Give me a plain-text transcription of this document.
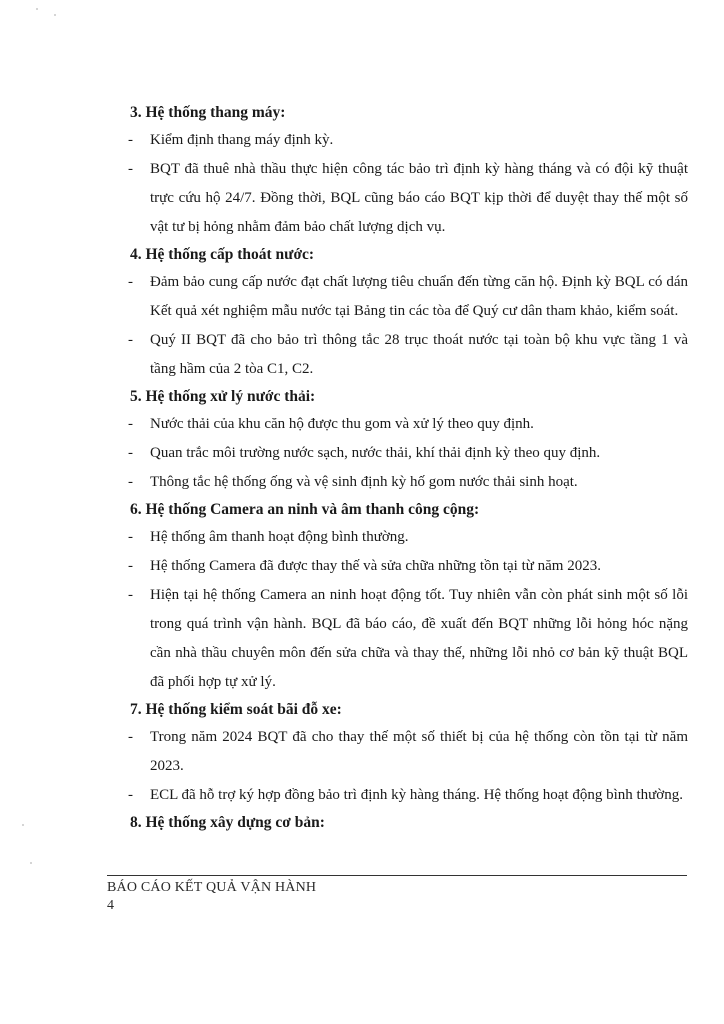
3. Hệ thống thang máy:

- Kiểm định thang máy định kỳ.

- BQT đã thuê nhà thầu thực hiện công tác bảo trì định kỳ hàng tháng và có đội kỹ thuật trực cứu hộ 24/7. Đồng thời, BQL cũng báo cáo BQT kịp thời để duyệt thay thế một số vật tư bị hỏng nhằm đảm bảo chất lượng dịch vụ.

4. Hệ thống cấp thoát nước:

- Đảm bảo cung cấp nước đạt chất lượng tiêu chuẩn đến từng căn hộ. Định kỳ BQL có dán Kết quả xét nghiệm mẫu nước tại Bảng tin các tòa để Quý cư dân tham khảo, kiểm soát.

- Quý II BQT đã cho bảo trì thông tắc 28 trục thoát nước tại toàn bộ khu vực tầng 1 và tầng hầm của 2 tòa C1, C2.

5. Hệ thống xử lý nước thải:

- Nước thải của khu căn hộ được thu gom và xử lý theo quy định.

- Quan trắc môi trường nước sạch, nước thải, khí thải định kỳ theo quy định.

- Thông tắc hệ thống ống và vệ sinh định kỳ hố gom nước thải sinh hoạt.

6. Hệ thống Camera an ninh và âm thanh công cộng:

- Hệ thống âm thanh hoạt động bình thường.

- Hệ thống Camera đã được thay thế và sửa chữa những tồn tại từ năm 2023.

- Hiện tại hệ thống Camera an ninh hoạt động tốt. Tuy nhiên vẫn còn phát sinh một số lỗi trong quá trình vận hành. BQL đã báo cáo, đề xuất đến BQT những lỗi hỏng hóc nặng cần nhà thầu chuyên môn đến sửa chữa và thay thế, những lỗi nhỏ cơ bản kỹ thuật BQL đã phối hợp tự xử lý.

7. Hệ thống kiểm soát bãi đỗ xe:

- Trong năm 2024 BQT đã cho thay thế một số thiết bị của hệ thống còn tồn tại từ năm 2023.

- ECL đã hỗ trợ ký hợp đồng bảo trì định kỳ hàng tháng. Hệ thống hoạt động bình thường.

8. Hệ thống xây dựng cơ bản:

BÁO CÁO KẾT QUẢ VẬN HÀNH
4
